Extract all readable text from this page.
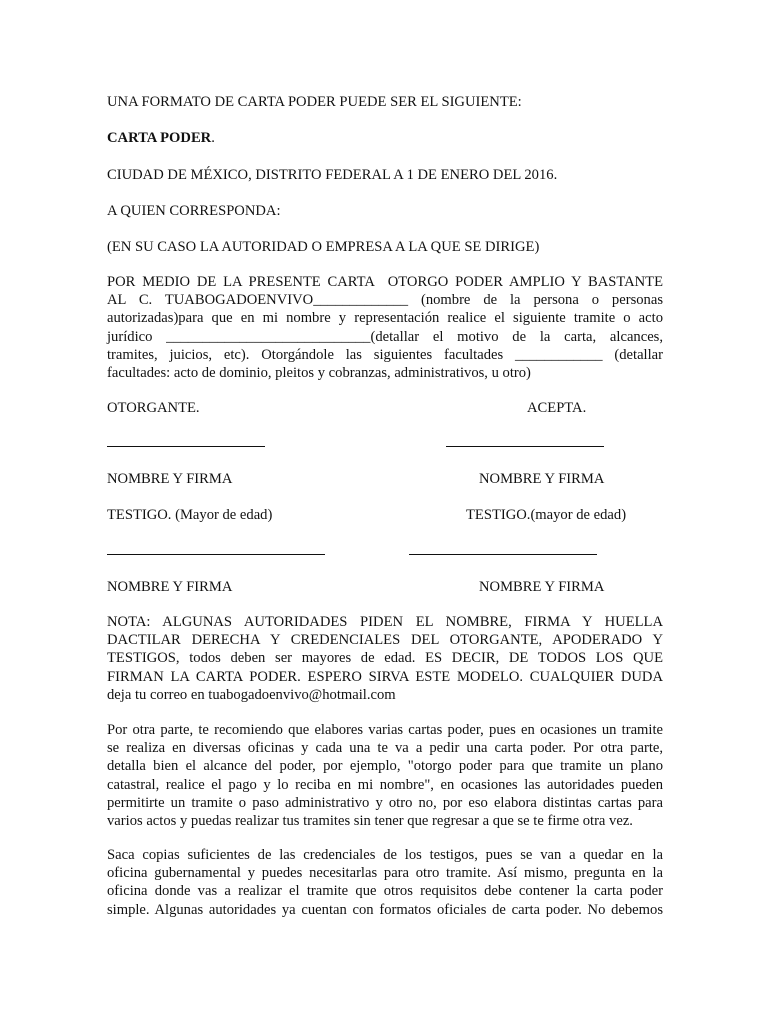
UNA FORMATO DE CARTA PODER PUEDE SER EL SIGUIENTE:
CARTA PODER.
CIUDAD DE MÉXICO, DISTRITO FEDERAL A 1 DE ENERO DEL 2016.
A QUIEN CORRESPONDA:
(EN SU CASO LA AUTORIDAD O EMPRESA A LA QUE SE DIRIGE)
POR MEDIO DE LA PRESENTE CARTA  OTORGO PODER AMPLIO Y BASTANTE
AL C. TUABOGADOENVIVO_____________ (nombre de la persona o personas
autorizadas)para que en mi nombre y representación realice el siguiente tramite o acto
jurídico ____________________________(detallar el motivo de la carta, alcances,
tramites, juicios, etc). Otorgándole las siguientes facultades ____________ (detallar
facultades: acto de dominio, pleitos y cobranzas, administrativos, u otro)
OTORGANTE.	ACEPTA.
NOMBRE Y FIRMA	NOMBRE Y FIRMA
TESTIGO. (Mayor de edad)	TESTIGO.(mayor de edad)
NOMBRE Y FIRMA	NOMBRE Y FIRMA
NOTA: ALGUNAS AUTORIDADES PIDEN EL NOMBRE, FIRMA Y HUELLA
DACTILAR DERECHA Y CREDENCIALES DEL OTORGANTE, APODERADO Y
TESTIGOS, todos deben ser mayores de edad. ES DECIR, DE TODOS LOS QUE
FIRMAN LA CARTA PODER. ESPERO SIRVA ESTE MODELO. CUALQUIER DUDA
deja tu correo en tuabogadoenvivo@hotmail.com
Por otra parte, te recomiendo que elabores varias cartas poder, pues en ocasiones un tramite
se realiza en diversas oficinas y cada una te va a pedir una carta poder. Por otra parte,
detalla bien el alcance del poder, por ejemplo, "otorgo poder para que tramite un plano
catastral, realice el pago y lo reciba en mi nombre", en ocasiones las autoridades pueden
permitirte un tramite o paso administrativo y otro no, por eso elabora distintas cartas para
varios actos y puedas realizar tus tramites sin tener que regresar a que se te firme otra vez.
Saca copias suficientes de las credenciales de los testigos, pues se van a quedar en la
oficina gubernamental y puedes necesitarlas para otro tramite. Así mismo, pregunta en la
oficina donde vas a realizar el tramite que otros requisitos debe contener la carta poder
simple. Algunas autoridades ya cuentan con formatos oficiales de carta poder. No debemos
